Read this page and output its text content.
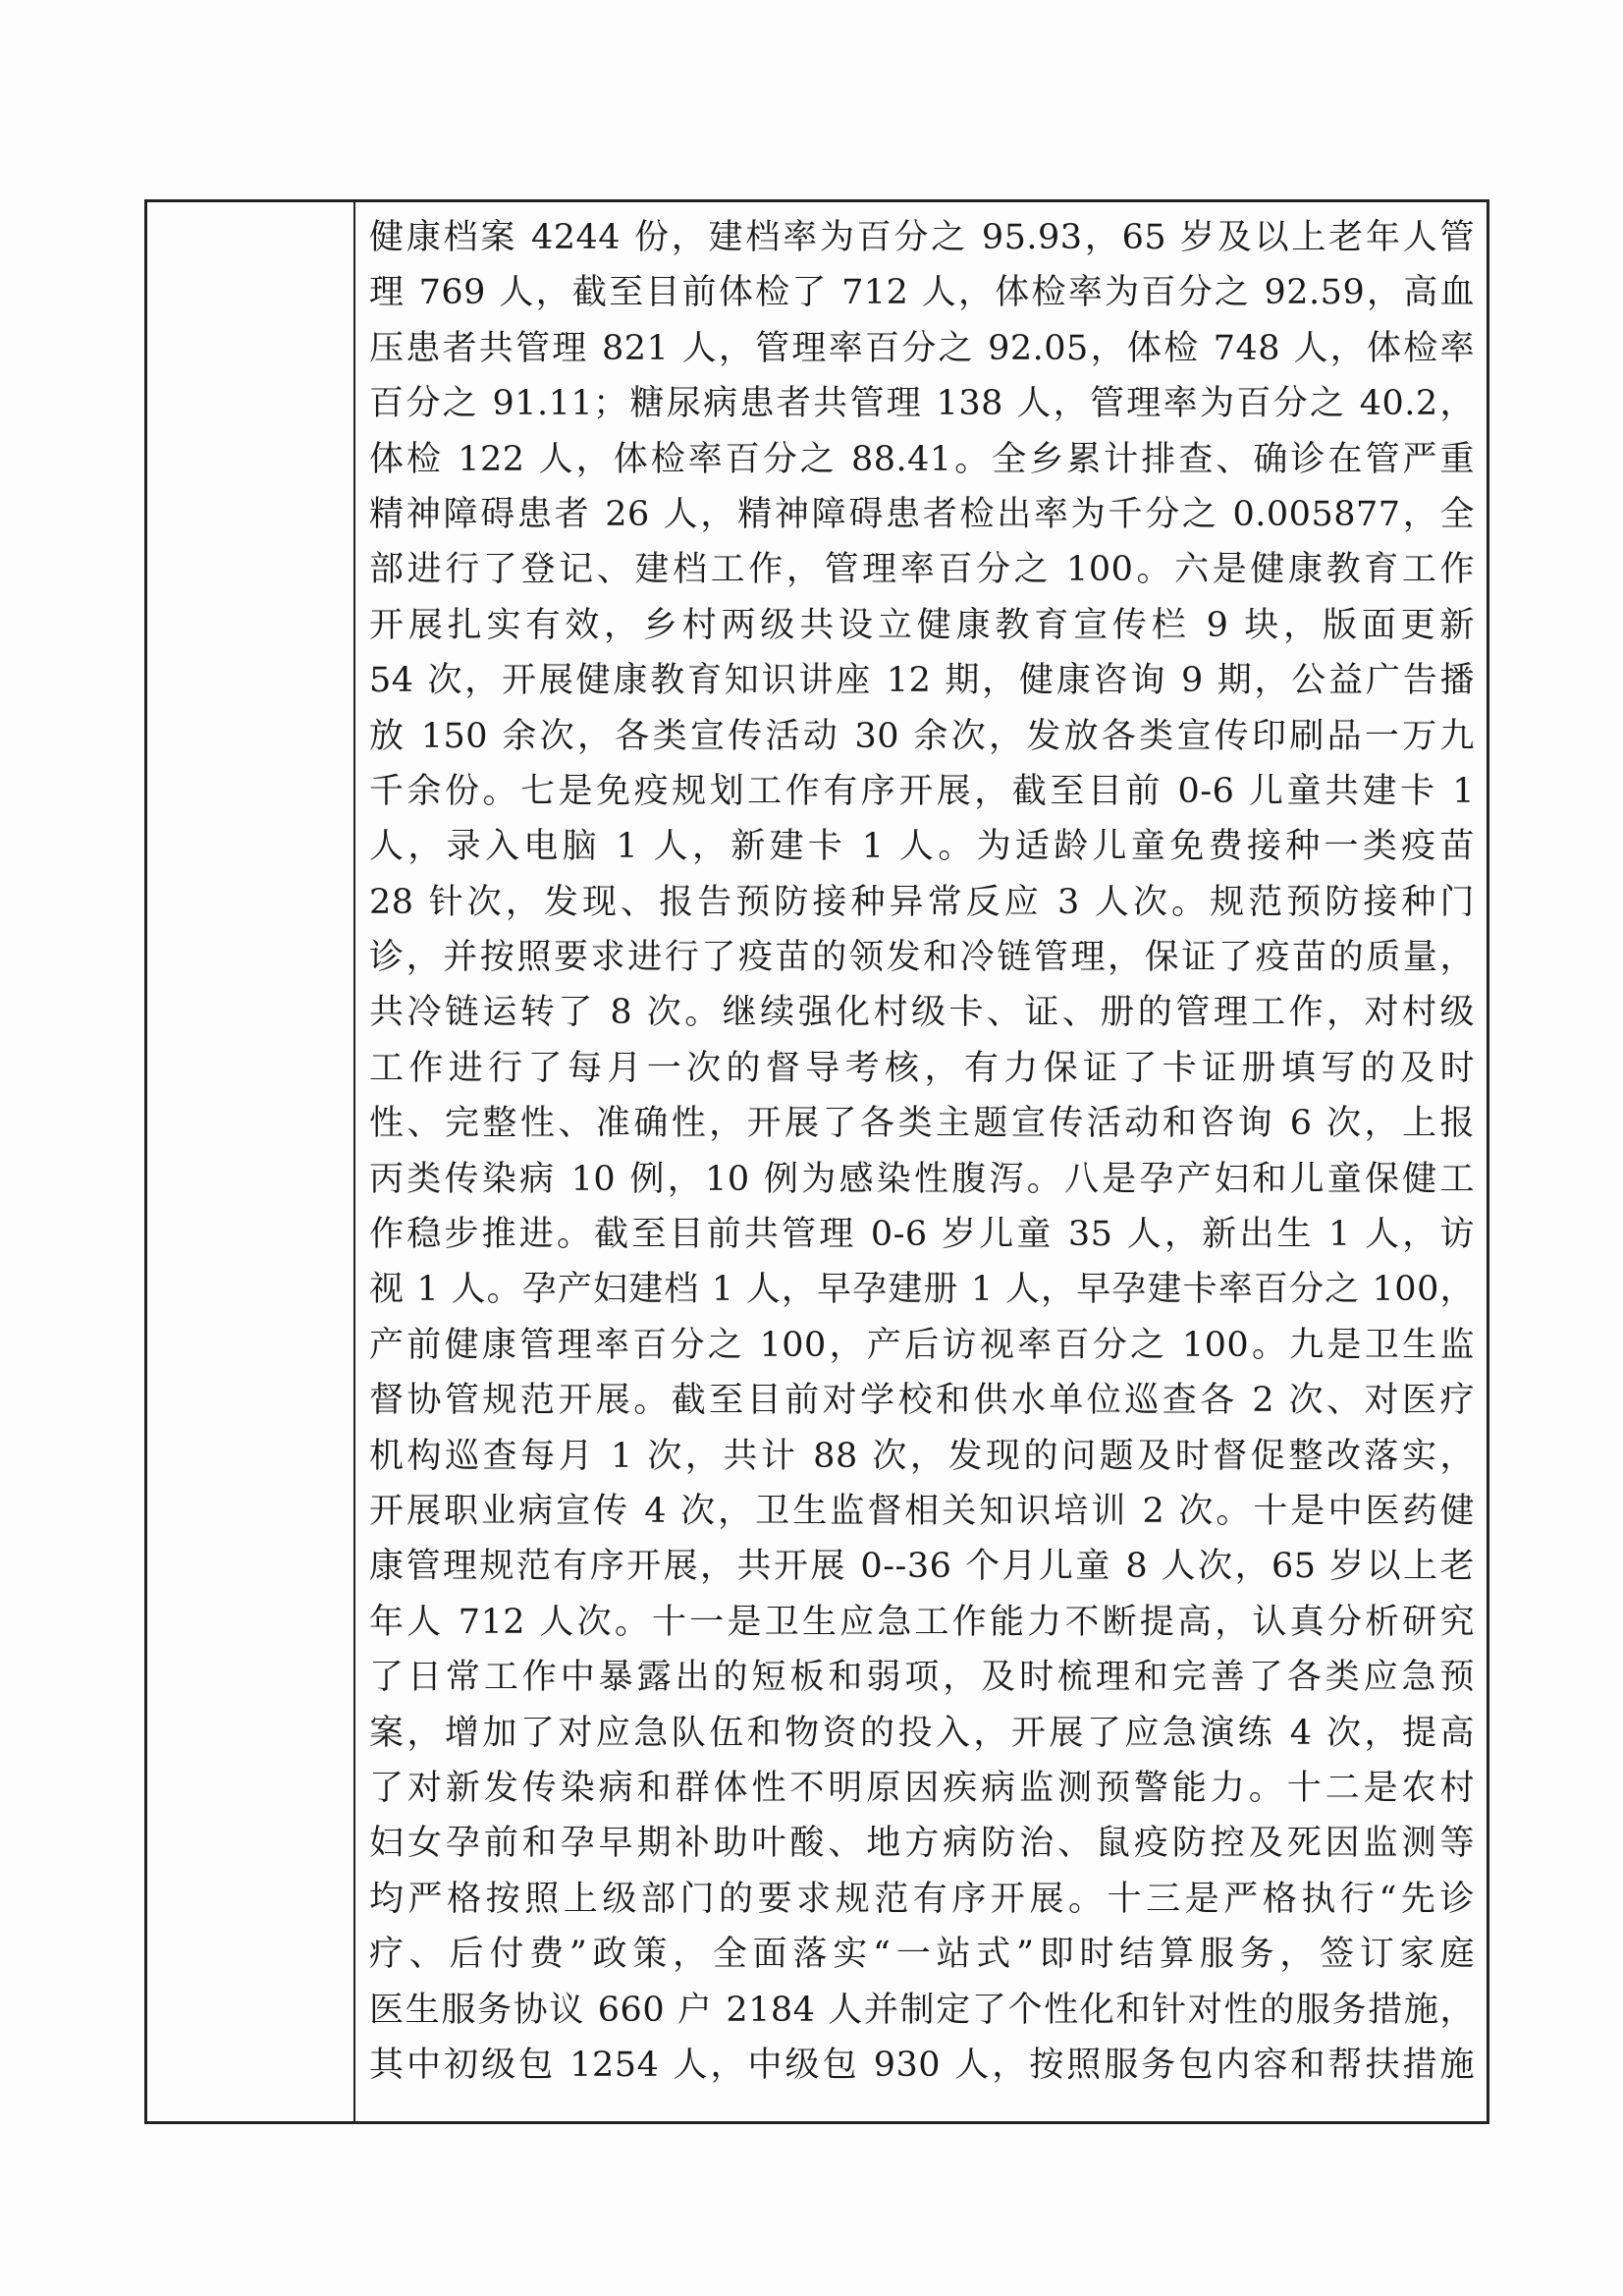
健康档案 4244 份，建档率为百分之 95.93，65 岁及以上老年人管
理 769 人，截至目前体检了 712 人，体检率为百分之 92.59，高血
压患者共管理 821 人，管理率百分之 92.05，体检 748 人，体检率
百分之 91.11；糖尿病患者共管理 138 人，管理率为百分之 40.2，
体检 122 人，体检率百分之 88.41。全乡累计排查、确诊在管严重
精神障碍患者 26 人，精神障碍患者检出率为千分之 0.005877，全
部进行了登记、建档工作，管理率百分之 100。六是健康教育工作
开展扎实有效，乡村两级共设立健康教育宣传栏 9 块，版面更新
54 次，开展健康教育知识讲座 12 期，健康咨询 9 期，公益广告播
放 150 余次，各类宣传活动 30 余次，发放各类宣传印刷品一万九
千余份。七是免疫规划工作有序开展，截至目前 0-6 儿童共建卡 1
人，录入电脑 1 人，新建卡 1 人。为适龄儿童免费接种一类疫苗
28 针次，发现、报告预防接种异常反应 3 人次。规范预防接种门
诊，并按照要求进行了疫苗的领发和冷链管理，保证了疫苗的质量，
共冷链运转了 8 次。继续强化村级卡、证、册的管理工作，对村级
工作进行了每月一次的督导考核，有力保证了卡证册填写的及时
性、完整性、准确性，开展了各类主题宣传活动和咨询 6 次，上报
丙类传染病 10 例，10 例为感染性腹泻。八是孕产妇和儿童保健工
作稳步推进。截至目前共管理 0-6 岁儿童 35 人，新出生 1 人，访
视 1 人。孕产妇建档 1 人，早孕建册 1 人，早孕建卡率百分之 100，
产前健康管理率百分之 100，产后访视率百分之 100。九是卫生监
督协管规范开展。截至目前对学校和供水单位巡查各 2 次、对医疗
机构巡查每月 1 次，共计 88 次，发现的问题及时督促整改落实，
开展职业病宣传 4 次，卫生监督相关知识培训 2 次。十是中医药健
康管理规范有序开展，共开展 0--36 个月儿童 8 人次，65 岁以上老
年人 712 人次。十一是卫生应急工作能力不断提高，认真分析研究
了日常工作中暴露出的短板和弱项，及时梳理和完善了各类应急预
案，增加了对应急队伍和物资的投入，开展了应急演练 4 次，提高
了对新发传染病和群体性不明原因疾病监测预警能力。十二是农村
妇女孕前和孕早期补助叶酸、地方病防治、鼠疫防控及死因监测等
均严格按照上级部门的要求规范有序开展。十三是严格执行“先诊
疗、后付费”政策，全面落实“一站式”即时结算服务，签订家庭
医生服务协议 660 户 2184 人并制定了个性化和针对性的服务措施，
其中初级包 1254 人，中级包 930 人，按照服务包内容和帮扶措施
